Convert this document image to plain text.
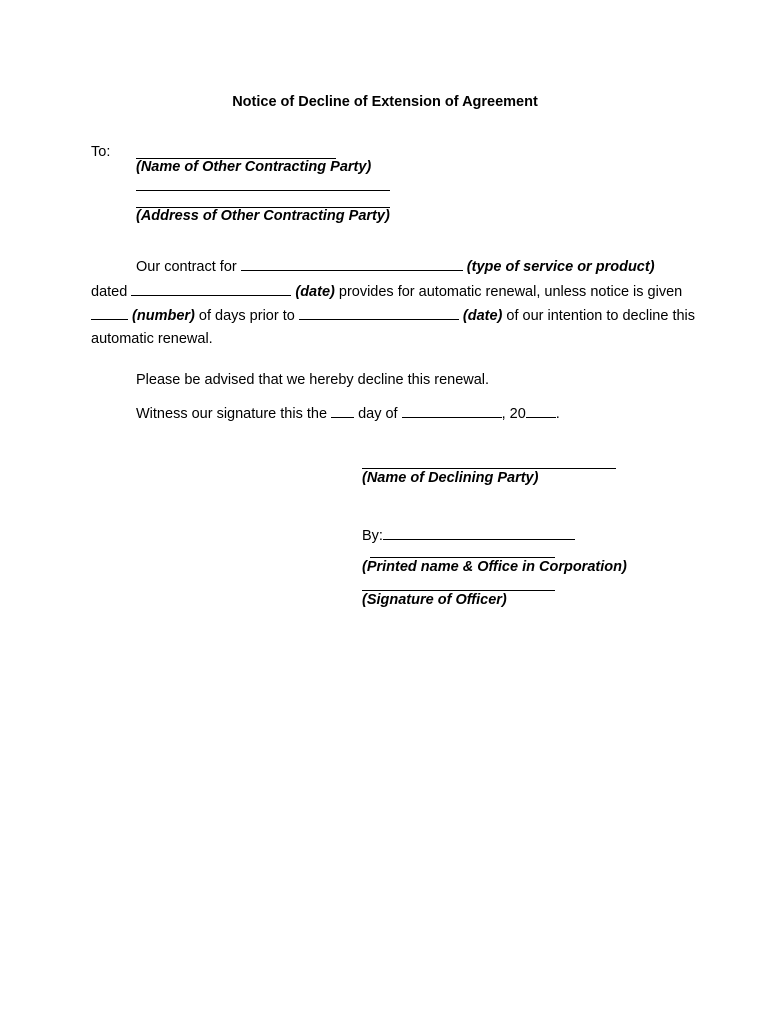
Notice of Decline of Extension of Agreement
To:
(Name of Other Contracting Party)
(Address of Other Contracting Party)
Our contract for	(type of service or product)
dated	(date) provides for automatic renewal, unless notice is given
(number) of days prior to	(date) of our intention to decline this
automatic renewal.
Please be advised that we hereby decline this renewal.
Witness our signature this the day of	, 20 .
(Name of Declining Party)
By:
(Printed name & Office in Corporation)
(Signature of Officer)
